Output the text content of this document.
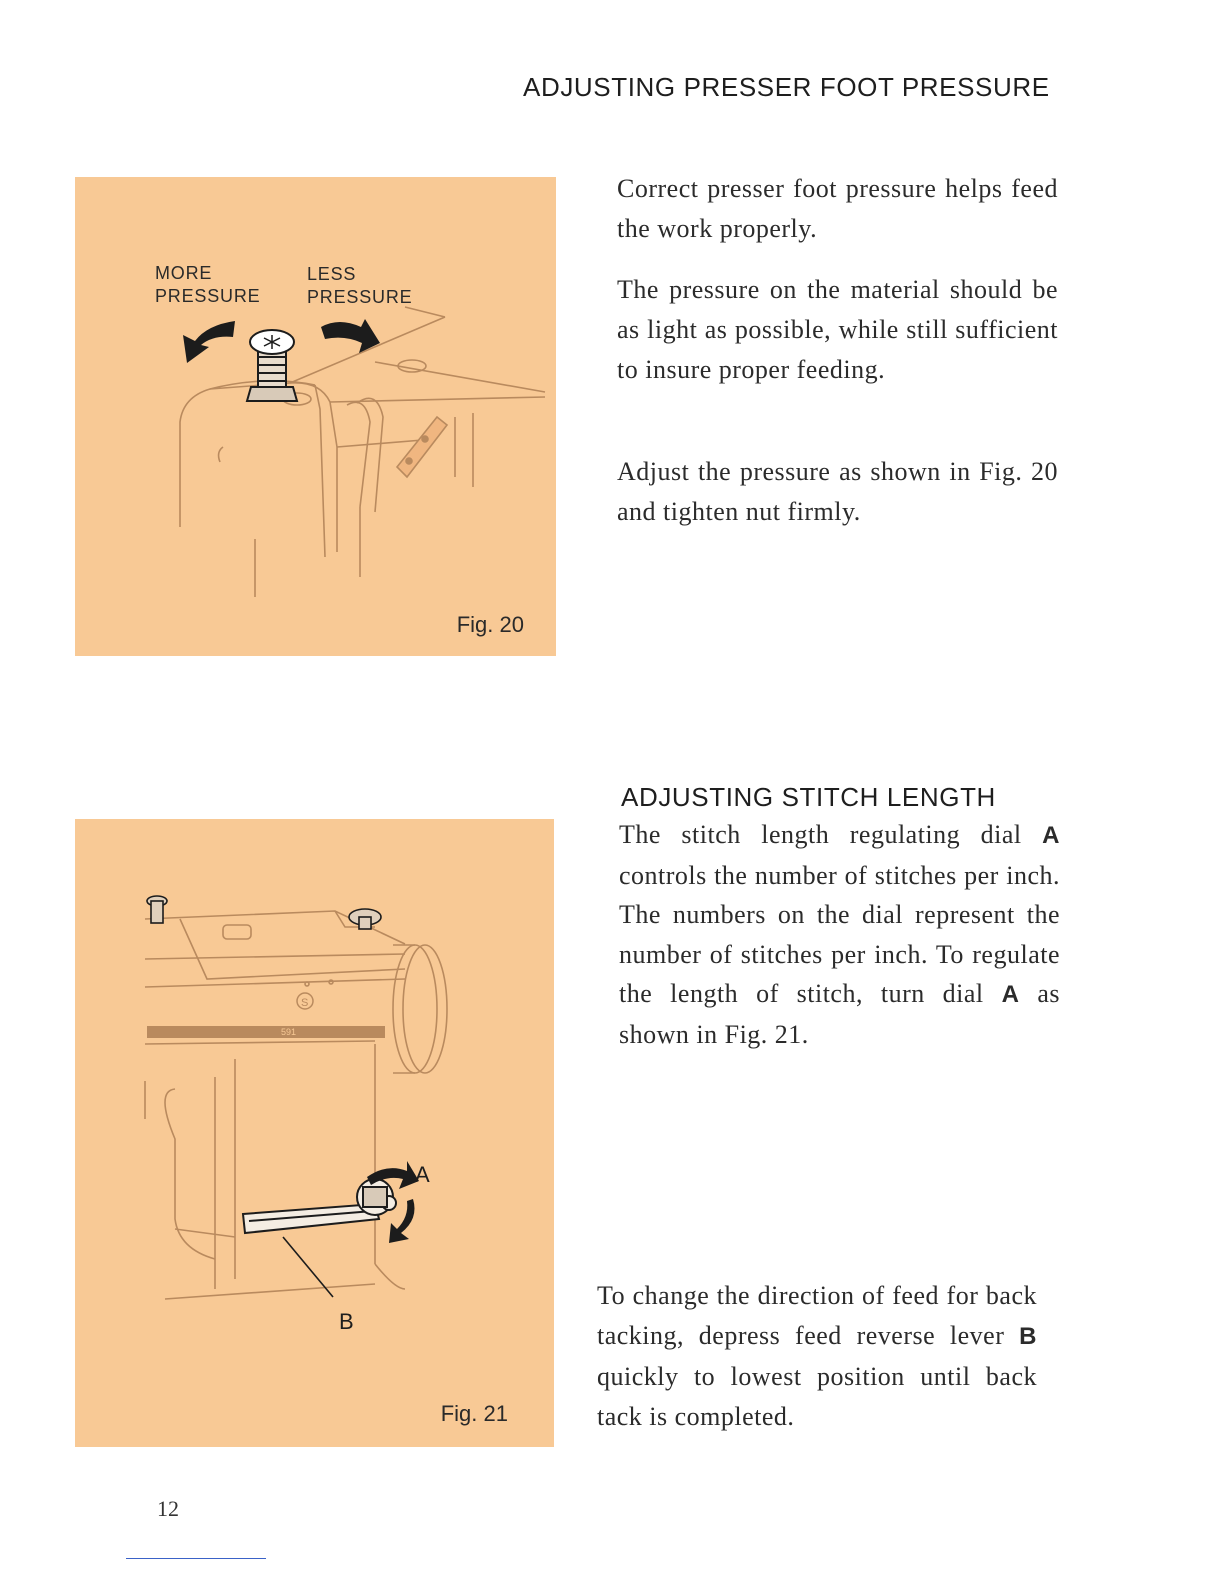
ADJUSTING PRESSER FOOT PRESSURE
MORE
PRESSURE
LESS
PRESSURE
Fig. 20

Correct presser foot pressure helps feed the work properly.

The pressure on the material should be as light as possible, while still sufficient to insure proper feeding.

Adjust the pressure as shown in Fig. 20 and tighten nut firmly.

S
591
A
B
Fig. 21
ADJUSTING STITCH LENGTH

The stitch length regulating dial A controls the number of stitches per inch. The numbers on the dial represent the number of stitches per inch. To regulate the length of stitch, turn dial A as shown in Fig. 21.

To change the direction of feed for back tacking, depress feed reverse lever B quickly to lowest position until back tack is completed.

12
